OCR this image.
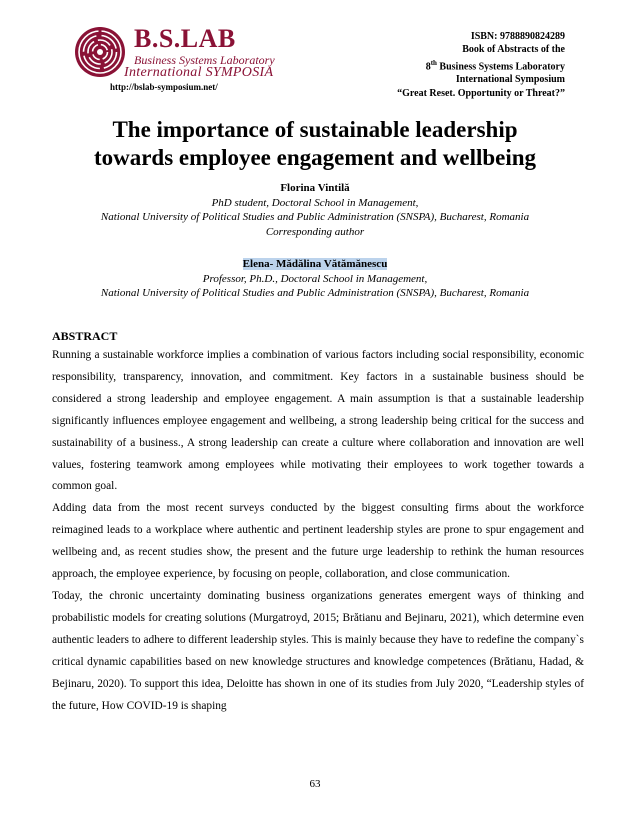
B.S.LAB
Business Systems Laboratory
International SYMPOSIA
http://bslab-symposium.net/
ISBN: 9788890824289
Book of Abstracts of the
8th Business Systems Laboratory
International Symposium
“Great Reset. Opportunity or Threat?”
The importance of sustainable leadership
towards employee engagement and wellbeing
Florina Vintilă
PhD student, Doctoral School in Management,
National University of Political Studies and Public Administration (SNSPA), Bucharest, Romania
Corresponding author
Elena- Mădălina Vătămănescu
Professor, Ph.D., Doctoral School in Management,
National University of Political Studies and Public Administration (SNSPA), Bucharest, Romania
ABSTRACT

Running a sustainable workforce implies a combination of various factors including social responsibility, economic responsibility, transparency, innovation, and commitment. Key factors in a sustainable business should be considered a strong leadership and employee engagement. A main assumption is that a sustainable leadership significantly influences employee engagement and wellbeing, a strong leadership being critical for the success and sustainability of a business., A strong leadership can create a culture where collaboration and innovation are well values, fostering teamwork among employees while motivating their employees to work together towards a common goal.

Adding data from the most recent surveys conducted by the biggest consulting firms about the workforce reimagined leads to a workplace where authentic and pertinent leadership styles are prone to spur engagement and wellbeing and, as recent studies show, the present and the future urge leadership to rethink the human resources approach, the employee experience, by focusing on people, collaboration, and close communication.

Today, the chronic uncertainty dominating business organizations generates emergent ways of thinking and probabilistic models for creating solutions (Murgatroyd, 2015; Brătianu and Bejinaru, 2021), which determine even authentic leaders to adhere to different leadership styles. This is mainly because they have to redefine the company`s critical dynamic capabilities based on new knowledge structures and knowledge competences (Brătianu, Hadad, & Bejinaru, 2020). To support this idea, Deloitte has shown in one of its studies from July 2020, “Leadership styles of the future, How COVID-19 is shaping

63
